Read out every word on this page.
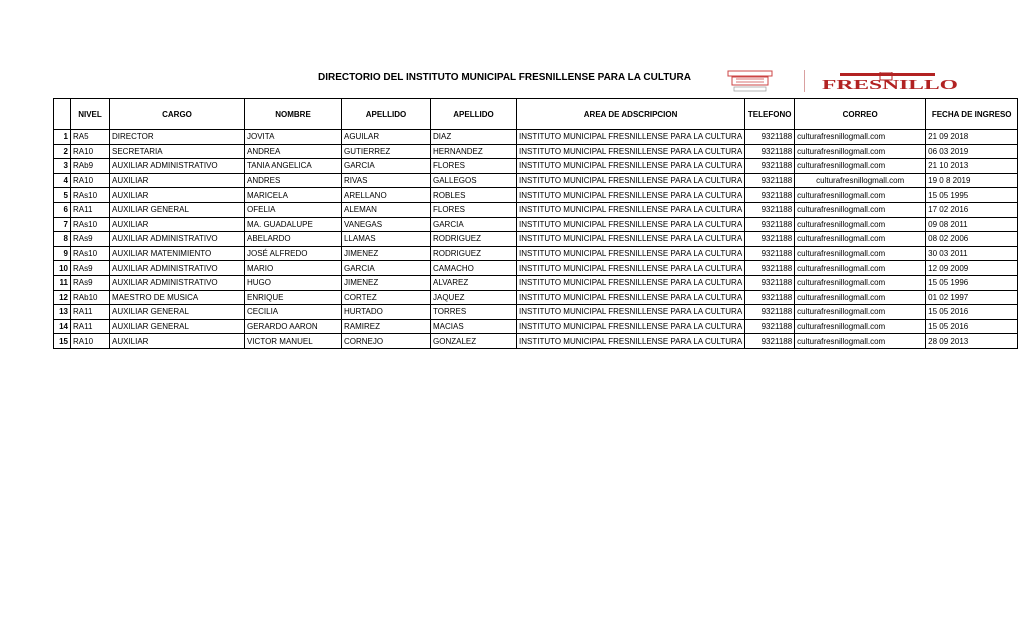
DIRECTORIO DEL INSTITUTO MUNICIPAL FRESNILLENSE PARA LA CULTURA
FRESNILLO
	NIVEL	CARGO	NOMBRE	APELLIDO	APELLIDO	AREA DE ADSCRIPCION	TELEFONO	CORREO	FECHA DE INGRESO
1	RA5	DIRECTOR	JOVITA	AGUILAR	DIAZ	INSTITUTO MUNICIPAL FRESNILLENSE PARA LA CULTURA	9321188	culturafresnillogmall.com	21 09 2018
2	RA10	SECRETARIA	ANDREA	GUTIERREZ	HERNANDEZ	INSTITUTO MUNICIPAL FRESNILLENSE PARA LA CULTURA	9321188	culturafresnillogmall.com	06 03 2019
3	RAb9	AUXILIAR ADMINISTRATIVO	TANIA ANGELICA	GARCIA	FLORES	INSTITUTO MUNICIPAL FRESNILLENSE PARA LA CULTURA	9321188	culturafresnillogmall.com	21 10 2013
4	RA10	AUXILIAR	ANDRES	RIVAS	GALLEGOS	INSTITUTO MUNICIPAL FRESNILLENSE PARA LA CULTURA	9321188	culturafresnillogmall.com	19 0 8 2019
5	RAs10	AUXILIAR	MARICELA	ARELLANO	ROBLES	INSTITUTO MUNICIPAL FRESNILLENSE PARA LA CULTURA	9321188	culturafresnillogmall.com	15 05 1995
6	RA11	AUXILIAR GENERAL	OFELIA	ALEMAN	FLORES	INSTITUTO MUNICIPAL FRESNILLENSE PARA LA CULTURA	9321188	culturafresnillogmall.com	17 02 2016
7	RAs10	AUXILIAR	MA. GUADALUPE	VANEGAS	GARCIA	INSTITUTO MUNICIPAL FRESNILLENSE PARA LA CULTURA	9321188	culturafresnillogmall.com	09 08 2011
8	RAs9	AUXILIAR ADMINISTRATIVO	ABELARDO	LLAMAS	RODRIGUEZ	INSTITUTO MUNICIPAL FRESNILLENSE PARA LA CULTURA	9321188	culturafresnillogmall.com	08 02 2006
9	RAs10	AUXILIAR MATENIMIENTO	JOSÉ ALFREDO	JIMENEZ	RODRIGUEZ	INSTITUTO MUNICIPAL FRESNILLENSE PARA LA CULTURA	9321188	culturafresnillogmall.com	30 03 2011
10	RAs9	AUXILIAR ADMINISTRATIVO	MARIO	GARCIA	CAMACHO	INSTITUTO MUNICIPAL FRESNILLENSE PARA LA CULTURA	9321188	culturafresnillogmall.com	12 09 2009
11	RAs9	AUXILIAR ADMINISTRATIVO	HUGO	JIMENEZ	ALVAREZ	INSTITUTO MUNICIPAL FRESNILLENSE PARA LA CULTURA	9321188	culturafresnillogmall.com	15 05 1996
12	RAb10	MAESTRO DE MUSICA	ENRIQUE	CORTEZ	JAQUEZ	INSTITUTO MUNICIPAL FRESNILLENSE PARA LA CULTURA	9321188	culturafresnillogmall.com	01 02 1997
13	RA11	AUXILIAR GENERAL	CECILIA	HURTADO	TORRES	INSTITUTO MUNICIPAL FRESNILLENSE PARA LA CULTURA	9321188	culturafresnillogmall.com	15 05 2016
14	RA11	AUXILIAR GENERAL	GERARDO AARON	RAMIREZ	MACIAS	INSTITUTO MUNICIPAL FRESNILLENSE PARA LA CULTURA	9321188	culturafresnillogmall.com	15 05 2016
15	RA10	AUXILIAR	VICTOR MANUEL	CORNEJO	GONZALEZ	INSTITUTO MUNICIPAL FRESNILLENSE PARA LA CULTURA	9321188	culturafresnillogmall.com	28 09 2013
